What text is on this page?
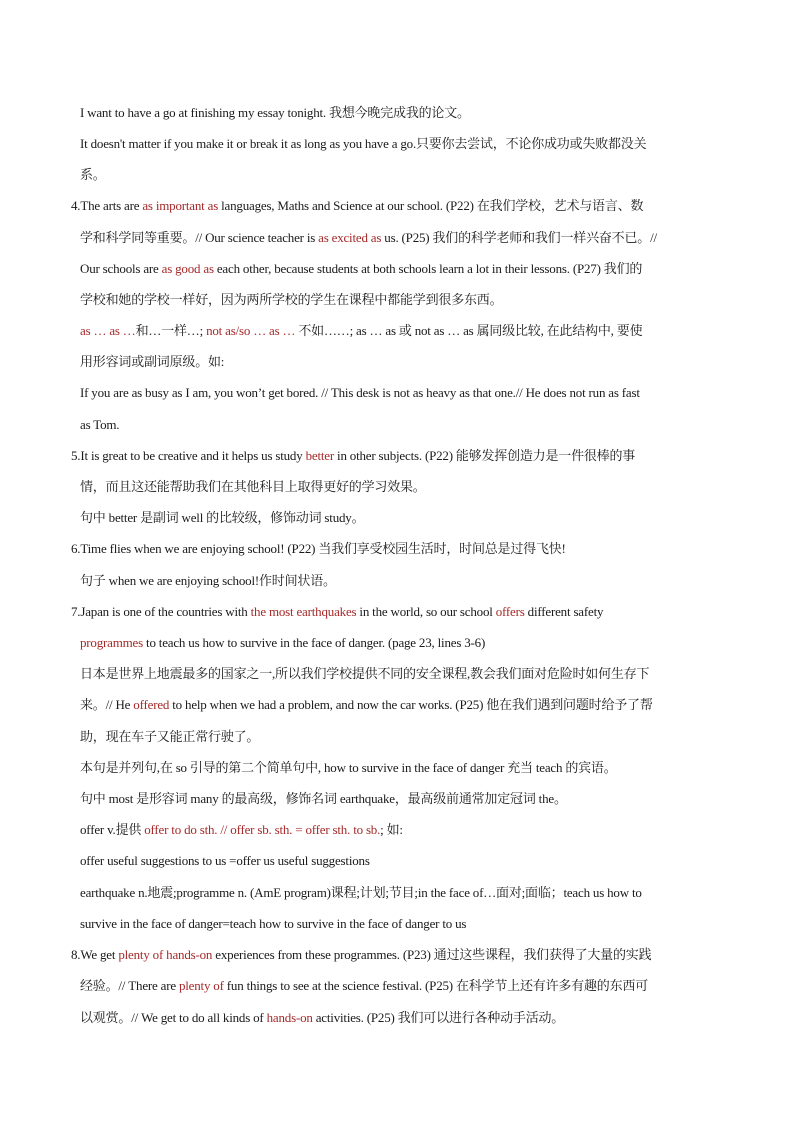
I want to have a go at finishing my essay tonight. 我想今晚完成我的论文。
It doesn't matter if you make it or break it as long as you have a go.只要你去尝试，不论你成功或失败都没关
系。
4.The arts are as important as languages, Maths and Science at our school. (P22) 在我们学校，艺术与语言、数
学和科学同等重要。// Our science teacher is as excited as us. (P25) 我们的科学老师和我们一样兴奋不已。//
Our schools are as good as each other, because students at both schools learn a lot in their lessons. (P27) 我们的
学校和她的学校一样好，因为两所学校的学生在课程中都能学到很多东西。
as … as …和…一样…; not as/so … as … 不如……; as … as 或 not as … as 属同级比较, 在此结构中, 要使
用形容词或副词原级。如:
If you are as busy as I am, you won’t get bored. // This desk is not as heavy as that one.// He does not run as fast
as Tom.
5.It is great to be creative and it helps us study better in other subjects. (P22) 能够发挥创造力是一件很棒的事
情，而且这还能帮助我们在其他科目上取得更好的学习效果。
句中 better 是副词 well 的比较级，修饰动词 study。
6.Time flies when we are enjoying school! (P22) 当我们享受校园生活时，时间总是过得飞快!
句子 when we are enjoying school!作时间状语。
7.Japan is one of the countries with the most earthquakes in the world, so our school offers different safety
programmes to teach us how to survive in the face of danger. (page 23, lines 3-6)
日本是世界上地震最多的国家之一,所以我们学校提供不同的安全课程,教会我们面对危险时如何生存下
来。// He offered to help when we had a problem, and now the car works. (P25) 他在我们遇到问题时给予了帮
助，现在车子又能正常行驶了。
本句是并列句,在 so 引导的第二个简单句中, how to survive in the face of danger 充当 teach 的宾语。
句中 most 是形容词 many 的最高级，修饰名词 earthquake，最高级前通常加定冠词 the。
offer v.提供 offer to do sth. // offer sb. sth. = offer sth. to sb.; 如:
offer useful suggestions to us =offer us useful suggestions
earthquake n.地震;programme n. (AmE program)课程;计划;节目;in the face of…面对;面临；teach us how to
survive in the face of danger=teach how to survive in the face of danger to us
8.We get plenty of hands-on experiences from these programmes. (P23) 通过这些课程，我们获得了大量的实践
经验。// There are plenty of fun things to see at the science festival. (P25) 在科学节上还有许多有趣的东西可
以观赏。// We get to do all kinds of hands-on activities. (P25) 我们可以进行各种动手活动。
